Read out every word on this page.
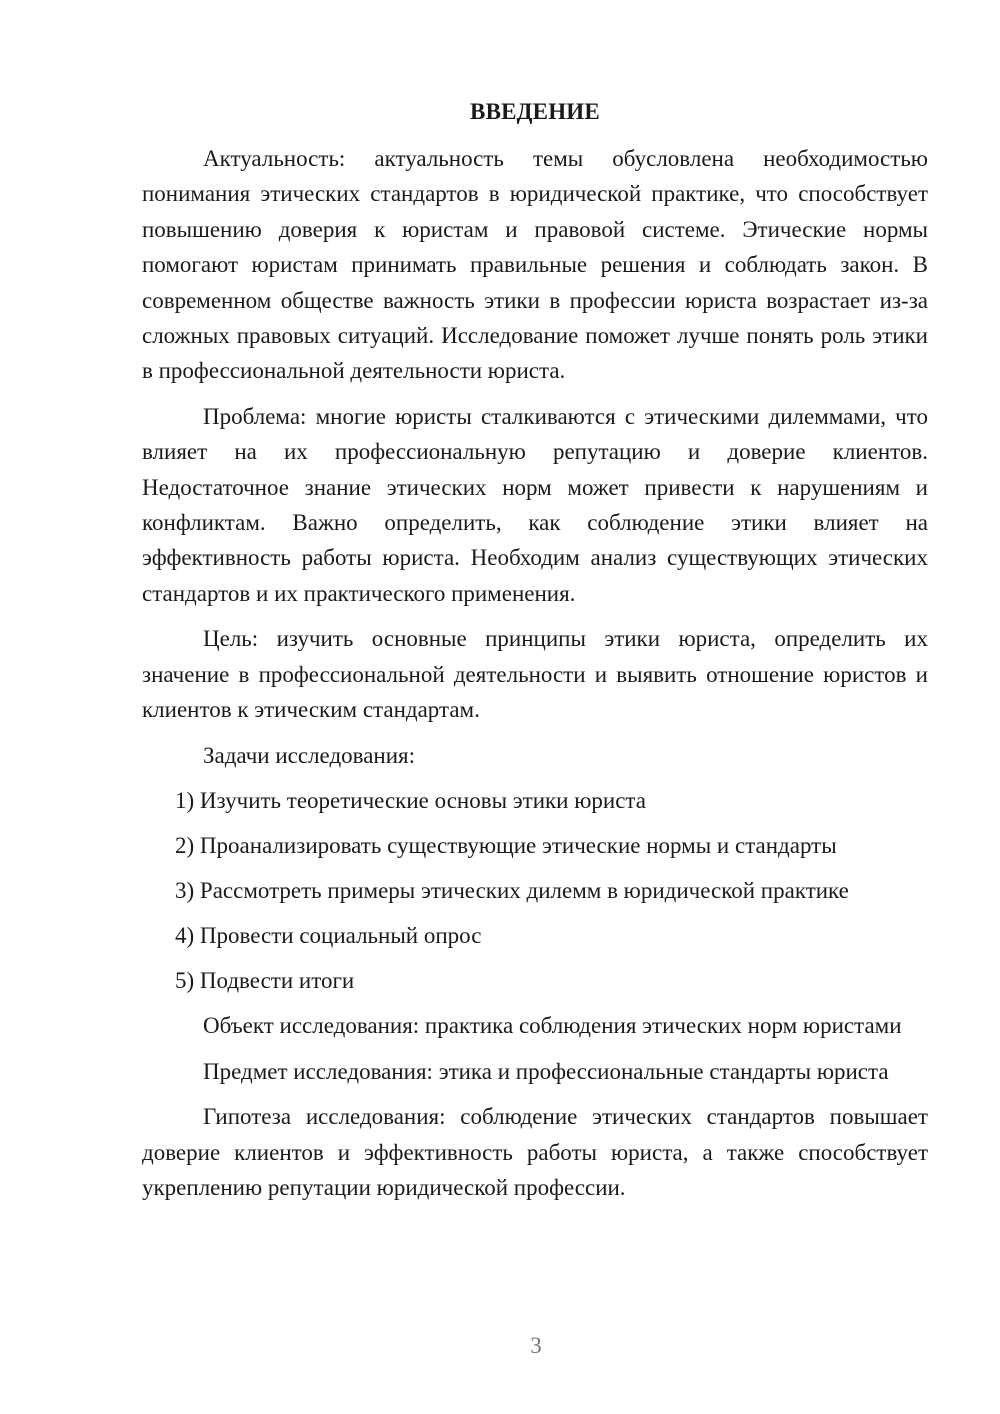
ВВЕДЕНИЕ

Актуальность: актуальность темы обусловлена необходимостью понимания этических стандартов в юридической практике, что способствует повышению доверия к юристам и правовой системе. Этические нормы помогают юристам принимать правильные решения и соблюдать закон. В современном обществе важность этики в профессии юриста возрастает из-за сложных правовых ситуаций. Исследование поможет лучше понять роль этики в профессиональной деятельности юриста.

Проблема: многие юристы сталкиваются с этическими дилеммами, что влияет на их профессиональную репутацию и доверие клиентов. Недостаточное знание этических норм может привести к нарушениям и конфликтам. Важно определить, как соблюдение этики влияет на эффективность работы юриста. Необходим анализ существующих этических стандартов и их практического применения.

Цель: изучить основные принципы этики юриста, определить их значение в профессиональной деятельности и выявить отношение юристов и клиентов к этическим стандартам.

Задачи исследования:

1) Изучить теоретические основы этики юриста
2) Проанализировать существующие этические нормы и стандарты
3) Рассмотреть примеры этических дилемм в юридической практике
4) Провести социальный опрос
5) Подвести итоги

Объект исследования: практика соблюдения этических норм юристами

Предмет исследования: этика и профессиональные стандарты юриста

Гипотеза исследования: соблюдение этических стандартов повышает доверие клиентов и эффективность работы юриста, а также способствует укреплению репутации юридической профессии.

3
